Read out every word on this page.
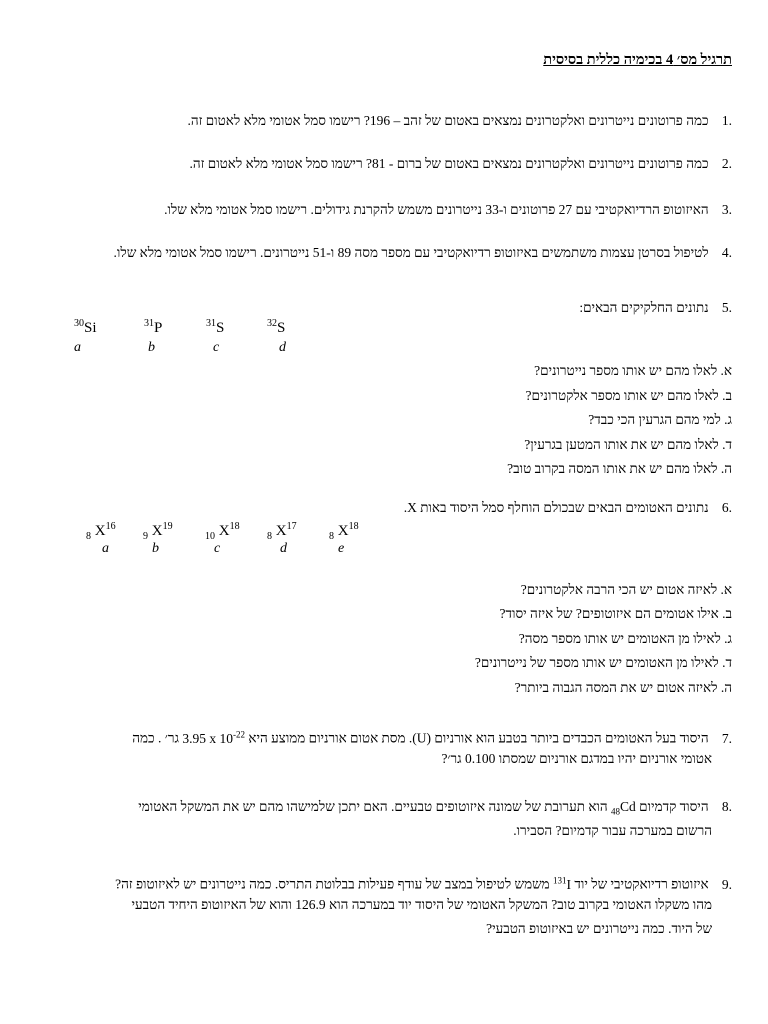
תרגיל מס׳ 4 בכימיה כללית בסיסית
1. כמה פרוטונים נייטרונים ואלקטרונים נמצאים באטום של זהב – 196? רישמו סמל אטומי מלא לאטום זה.
2. כמה פרוטונים נייטרונים ואלקטרונים נמצאים באטום של ברום - 81? רישמו סמל אטומי מלא לאטום זה.
3. האיזוטופ הרדיואקטיבי עם 27 פרוטונים ו-33 נייטרונים משמש להקרנת גידולים. רישמו סמל אטומי מלא שלו.
4. לטיפול בסרטן עצמות משתמשים באיזוטופ רדיואקטיבי עם מספר מסה 89 ו-51 נייטרונים. רישמו סמל אטומי מלא שלו.
5. נתונים החלקיקים הבאים:
$^{30}$Si
a
$^{31}$P
b
$^{31}$S
c
$^{32}$S
d
א. לאלו מהם יש אותו מספר נייטרונים?
ב. לאלו מהם יש אותו מספר אלקטרונים?
ג. למי מהם הגרעין הכי כבד?
ד. לאלו מהם יש את אותו המטען בגרעין?
ה. לאלו מהם יש את אותו המסה בקרוב טוב?
6. נתונים האטומים הבאים שבכולם הוחלף סמל היסוד באות X.
$_8$ $X^{16}$
a
$_9$ $X^{19}$
b
$_{10}$ $X^{18}$
c
$_8$ $X^{17}$
d
$_8$ $X^{18}$
e
א. לאיזה אטום יש הכי הרבה אלקטרונים?
ב. אילו אטומים הם איזוטופים? של איזה יסוד?
ג. לאילו מן האטומים יש אותו מספר מסה?
ד. לאילו מן האטומים יש אותו מספר של נייטרונים?
ה. לאיזה אטום יש את המסה הגבוה ביותר?
7. היסוד בעל האטומים הכבדים ביותר בטבע הוא אורניום (U). מסת אטום אורניום ממוצע היא 3.95 x $10^{-22}$ גר׳ . כמה
אטומי אורניום יהיו במדגם אורניום שמסתו 0.100 גר׳?
8. היסוד קדמיום $_{48}$Cd הוא תערובת של שמונה איזוטופים טבעיים. האם יתכן שלמישהו מהם יש את המשקל האטומי
הרשום במערכה עבור קדמיום? הסבירו.
9. איזוטופ רדיואקטיבי של יוד $^{131}$I משמש לטיפול במצב של עודף פעילות בבלוטת התריס. כמה נייטרונים יש לאיזוטופ זה?
מהו משקלו האטומי בקרוב טוב? המשקל האטומי של היסוד יוד במערכה הוא 126.9 והוא של האיזוטופ היחיד הטבעי
של היוד. כמה נייטרונים יש באיזוטופ הטבעי?
